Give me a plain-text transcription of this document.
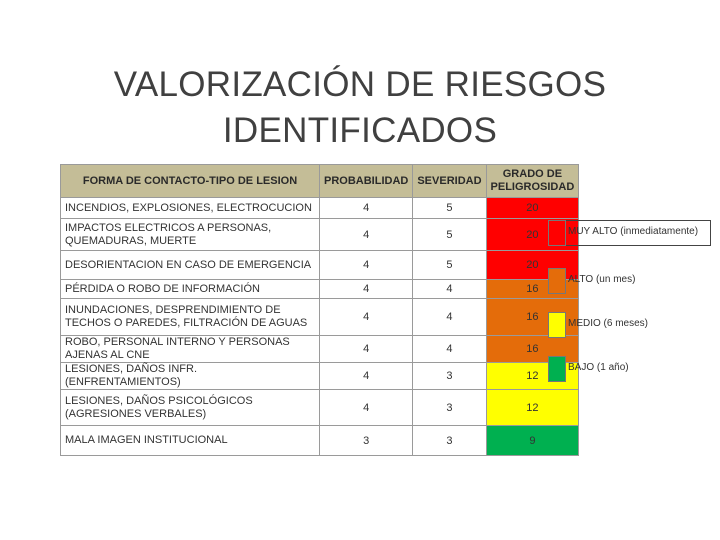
VALORIZACIÓN DE RIESGOS
IDENTIFICADOS
FORMA DE CONTACTO-TIPO DE LESION	PROBABILIDAD	SEVERIDAD	GRADO DE PELIGROSIDAD
INCENDIOS, EXPLOSIONES, ELECTROCUCION	4	5	20
IMPACTOS ELECTRICOS A PERSONAS, QUEMADURAS, MUERTE	4	5	20
DESORIENTACION EN CASO DE EMERGENCIA	4	5	20
PÉRDIDA O ROBO DE INFORMACIÓN	4	4	16
INUNDACIONES, DESPRENDIMIENTO DE TECHOS O PAREDES, FILTRACIÓN DE AGUAS	4	4	16
ROBO, PERSONAL INTERNO Y PERSONAS AJENAS AL CNE	4	4	16
LESIONES, DAÑOS INFR. (ENFRENTAMIENTOS)	4	3	12
LESIONES, DAÑOS PSICOLÓGICOS (AGRESIONES VERBALES)	4	3	12
MALA IMAGEN INSTITUCIONAL	3	3	9
MUY ALTO (inmediatamente)
ALTO (un mes)
MEDIO (6 meses)
BAJO (1 año)
